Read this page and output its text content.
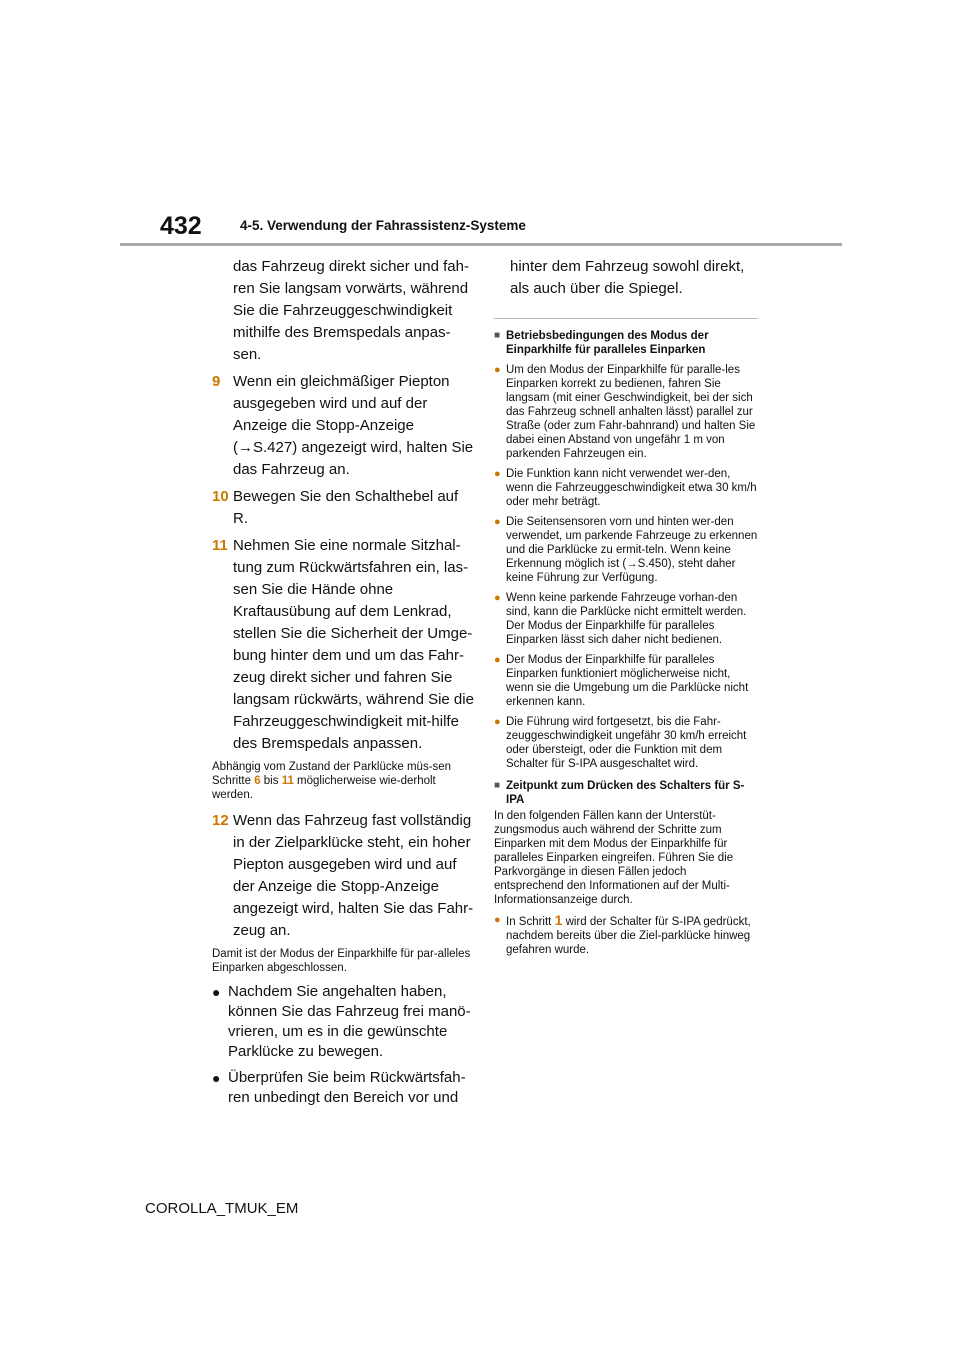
432	4-5. Verwendung der Fahrassistenz-Systeme

das Fahrzeug direkt sicher und fah-ren Sie langsam vorwärts, während Sie die Fahrzeuggeschwindigkeit mithilfe des Bremspedals anpas-sen.

9 Wenn ein gleichmäßiger Piepton ausgegeben wird und auf der Anzeige die Stopp-Anzeige (→S.427) angezeigt wird, halten Sie das Fahrzeug an.
10 Bewegen Sie den Schalthebel auf R.
11 Nehmen Sie eine normale Sitzhal-tung zum Rückwärtsfahren ein, las-sen Sie die Hände ohne Kraftausübung auf dem Lenkrad, stellen Sie die Sicherheit der Umge-bung hinter dem und um das Fahr-zeug direkt sicher und fahren Sie langsam rückwärts, während Sie die Fahrzeuggeschwindigkeit mit-hilfe des Bremspedals anpassen.

Abhängig vom Zustand der Parklücke müs-sen Schritte 6 bis 11 möglicherweise wie-derholt werden.

12 Wenn das Fahrzeug fast vollständig in der Zielparklücke steht, ein hoher Piepton ausgegeben wird und auf der Anzeige die Stopp-Anzeige angezeigt wird, halten Sie das Fahr-zeug an.

Damit ist der Modus der Einparkhilfe für par-alleles Einparken abgeschlossen.

● Nachdem Sie angehalten haben, können Sie das Fahrzeug frei manö-vrieren, um es in die gewünschte Parklücke zu bewegen.
● Überprüfen Sie beim Rückwärtsfah-ren unbedingt den Bereich vor und

hinter dem Fahrzeug sowohl direkt, als auch über die Spiegel.

■ Betriebsbedingungen des Modus der Einparkhilfe für paralleles Einparken
● Um den Modus der Einparkhilfe für paralle-les Einparken korrekt zu bedienen, fahren Sie langsam (mit einer Geschwindigkeit, bei der sich das Fahrzeug schnell anhalten lässt) parallel zur Straße (oder zum Fahr-bahnrand) und halten Sie dabei einen Abstand von ungefähr 1 m von parkenden Fahrzeugen ein.
● Die Funktion kann nicht verwendet wer-den, wenn die Fahrzeuggeschwindigkeit etwa 30 km/h oder mehr beträgt.
● Die Seitensensoren vorn und hinten wer-den verwendet, um parkende Fahrzeuge zu erkennen und die Parklücke zu ermit-teln. Wenn keine Erkennung möglich ist (→S.450), steht daher keine Führung zur Verfügung.
● Wenn keine parkende Fahrzeuge vorhan-den sind, kann die Parklücke nicht ermittelt werden. Der Modus der Einparkhilfe für paralleles Einparken lässt sich daher nicht bedienen.
● Der Modus der Einparkhilfe für paralleles Einparken funktioniert möglicherweise nicht, wenn sie die Umgebung um die Parklücke nicht erkennen kann.
● Die Führung wird fortgesetzt, bis die Fahr-zeuggeschwindigkeit ungefähr 30 km/h erreicht oder übersteigt, oder die Funktion mit dem Schalter für S-IPA ausgeschaltet wird.
■ Zeitpunkt zum Drücken des Schalters für S-IPA

In den folgenden Fällen kann der Unterstüt-zungsmodus auch während der Schritte zum Einparken mit dem Modus der Einparkhilfe für paralleles Einparken eingreifen. Führen Sie die Parkvorgänge in diesen Fällen jedoch entsprechend den Informationen auf der Multi-Informationsanzeige durch.

● In Schritt 1 wird der Schalter für S-IPA gedrückt, nachdem bereits über die Ziel-parklücke hinweg gefahren wurde.
COROLLA_TMUK_EM
